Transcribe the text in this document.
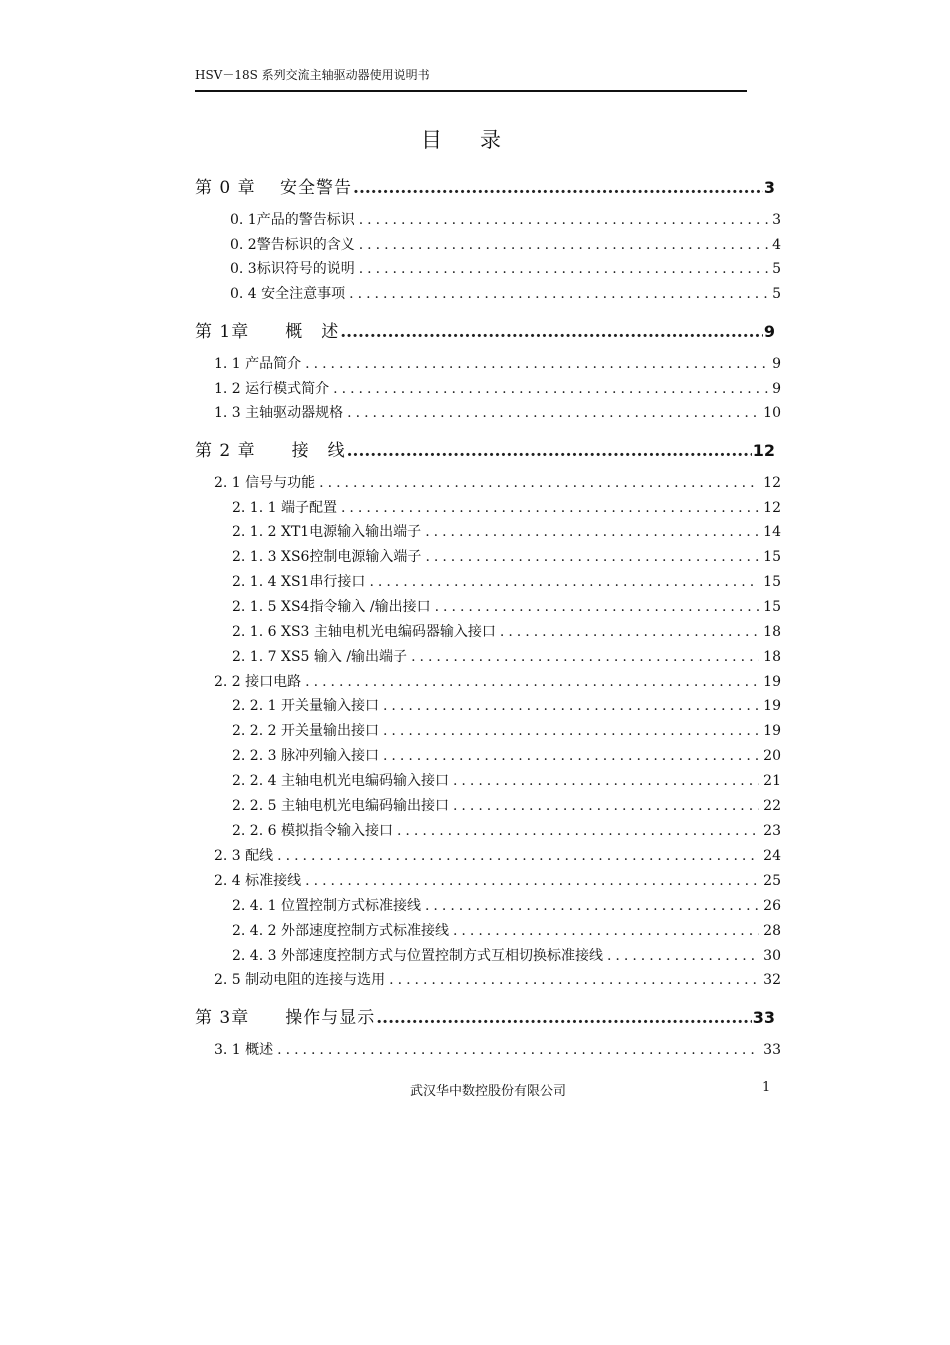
HSV－18S 系列交流主轴驱动器使用说明书
目录
第 0 章　 安全警告 .....	3
0. 1产品的警告标识 .....	3
0. 2警告标识的含义 .....	4
0. 3标识符号的说明 .....	5
0. 4 安全注意事项 .....	5
第 1章　　概　述 .....	9
1. 1 产品简介 .....	9
1. 2 运行模式简介 .....	9
1. 3 主轴驱动器规格 .....	10
第 2 章　　接　线 .....	12
2. 1 信号与功能 .....	12
2. 1. 1 端子配置 .....	12
2. 1. 2 XT1电源输入输出端子 .....	14
2. 1. 3 XS6控制电源输入端子 .....	15
2. 1. 4 XS1串行接口 .....	15
2. 1. 5 XS4指令输入 /输出接口 .....	15
2. 1. 6 XS3 主轴电机光电编码器输入接口 .....	18
2. 1. 7 XS5 输入 /输出端子 .....	18
2. 2 接口电路 .....	19
2. 2. 1 开关量输入接口 .....	19
2. 2. 2 开关量输出接口 .....	19
2. 2. 3 脉冲列输入接口 .....	20
2. 2. 4 主轴电机光电编码输入接口 .....	21
2. 2. 5 主轴电机光电编码输出接口 .....	22
2. 2. 6 模拟指令输入接口 .....	23
2. 3 配线 .....	24
2. 4 标准接线 .....	25
2. 4. 1 位置控制方式标准接线 .....	26
2. 4. 2 外部速度控制方式标准接线 .....	28
2. 4. 3 外部速度控制方式与位置控制方式互相切换标准接线 .....	30
2. 5 制动电阻的连接与选用 .....	32
第 3章　　操作与显示 .....	33
3. 1 概述 .....	33
武汉华中数控股份有限公司	1
